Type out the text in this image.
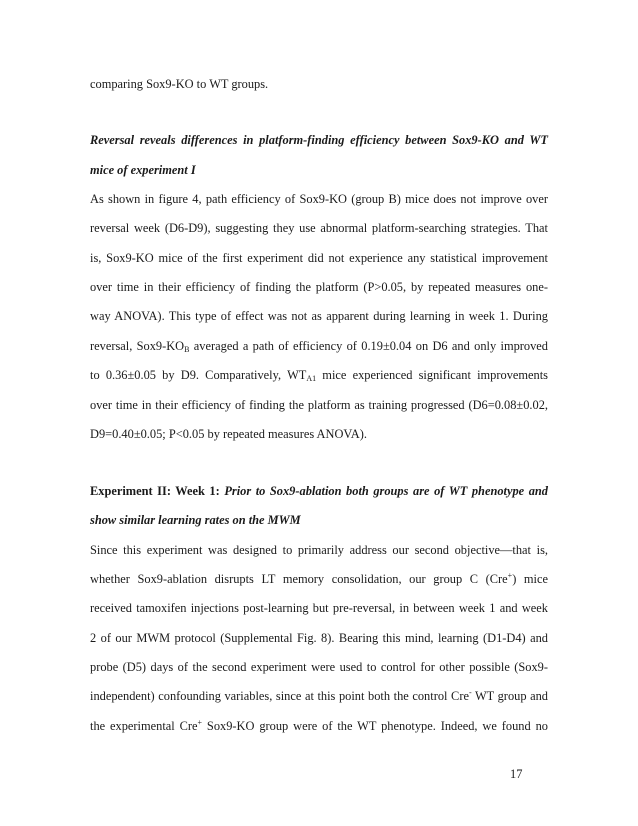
comparing Sox9-KO to WT groups.
Reversal reveals differences in platform-finding efficiency between Sox9-KO and WT
mice of experiment I
As shown in figure 4, path efficiency of Sox9-KO (group B) mice does not improve over
reversal week (D6-D9), suggesting they use abnormal platform-searching strategies. That
is, Sox9-KO mice of the first experiment did not experience any statistical improvement
over time in their efficiency of finding the platform (P>0.05, by repeated measures one-
way ANOVA). This type of effect was not as apparent during learning in week 1. During
reversal, $Sox9-KO_B$ averaged a path of efficiency of 0.19±0.04 on D6 and only improved
to 0.36±0.05 by D9. Comparatively, $WT_{A1}$ mice experienced significant improvements
over time in their efficiency of finding the platform as training progressed (D6=0.08±0.02,
D9=0.40±0.05; P<0.05 by repeated measures ANOVA).
Experiment II: Week 1: Prior to Sox9-ablation both groups are of WT phenotype and
show similar learning rates on the MWM
Since this experiment was designed to primarily address our second objective—that is,
whether Sox9-ablation disrupts LT memory consolidation, our group C (Cre+) mice
received tamoxifen injections post-learning but pre-reversal, in between week 1 and week
2 of our MWM protocol (Supplemental Fig. 8). Bearing this mind, learning (D1-D4) and
probe (D5) days of the second experiment were used to control for other possible (Sox9-
independent) confounding variables, since at this point both the control Cre- WT group and
the experimental Cre+ Sox9-KO group were of the WT phenotype. Indeed, we found no
17
